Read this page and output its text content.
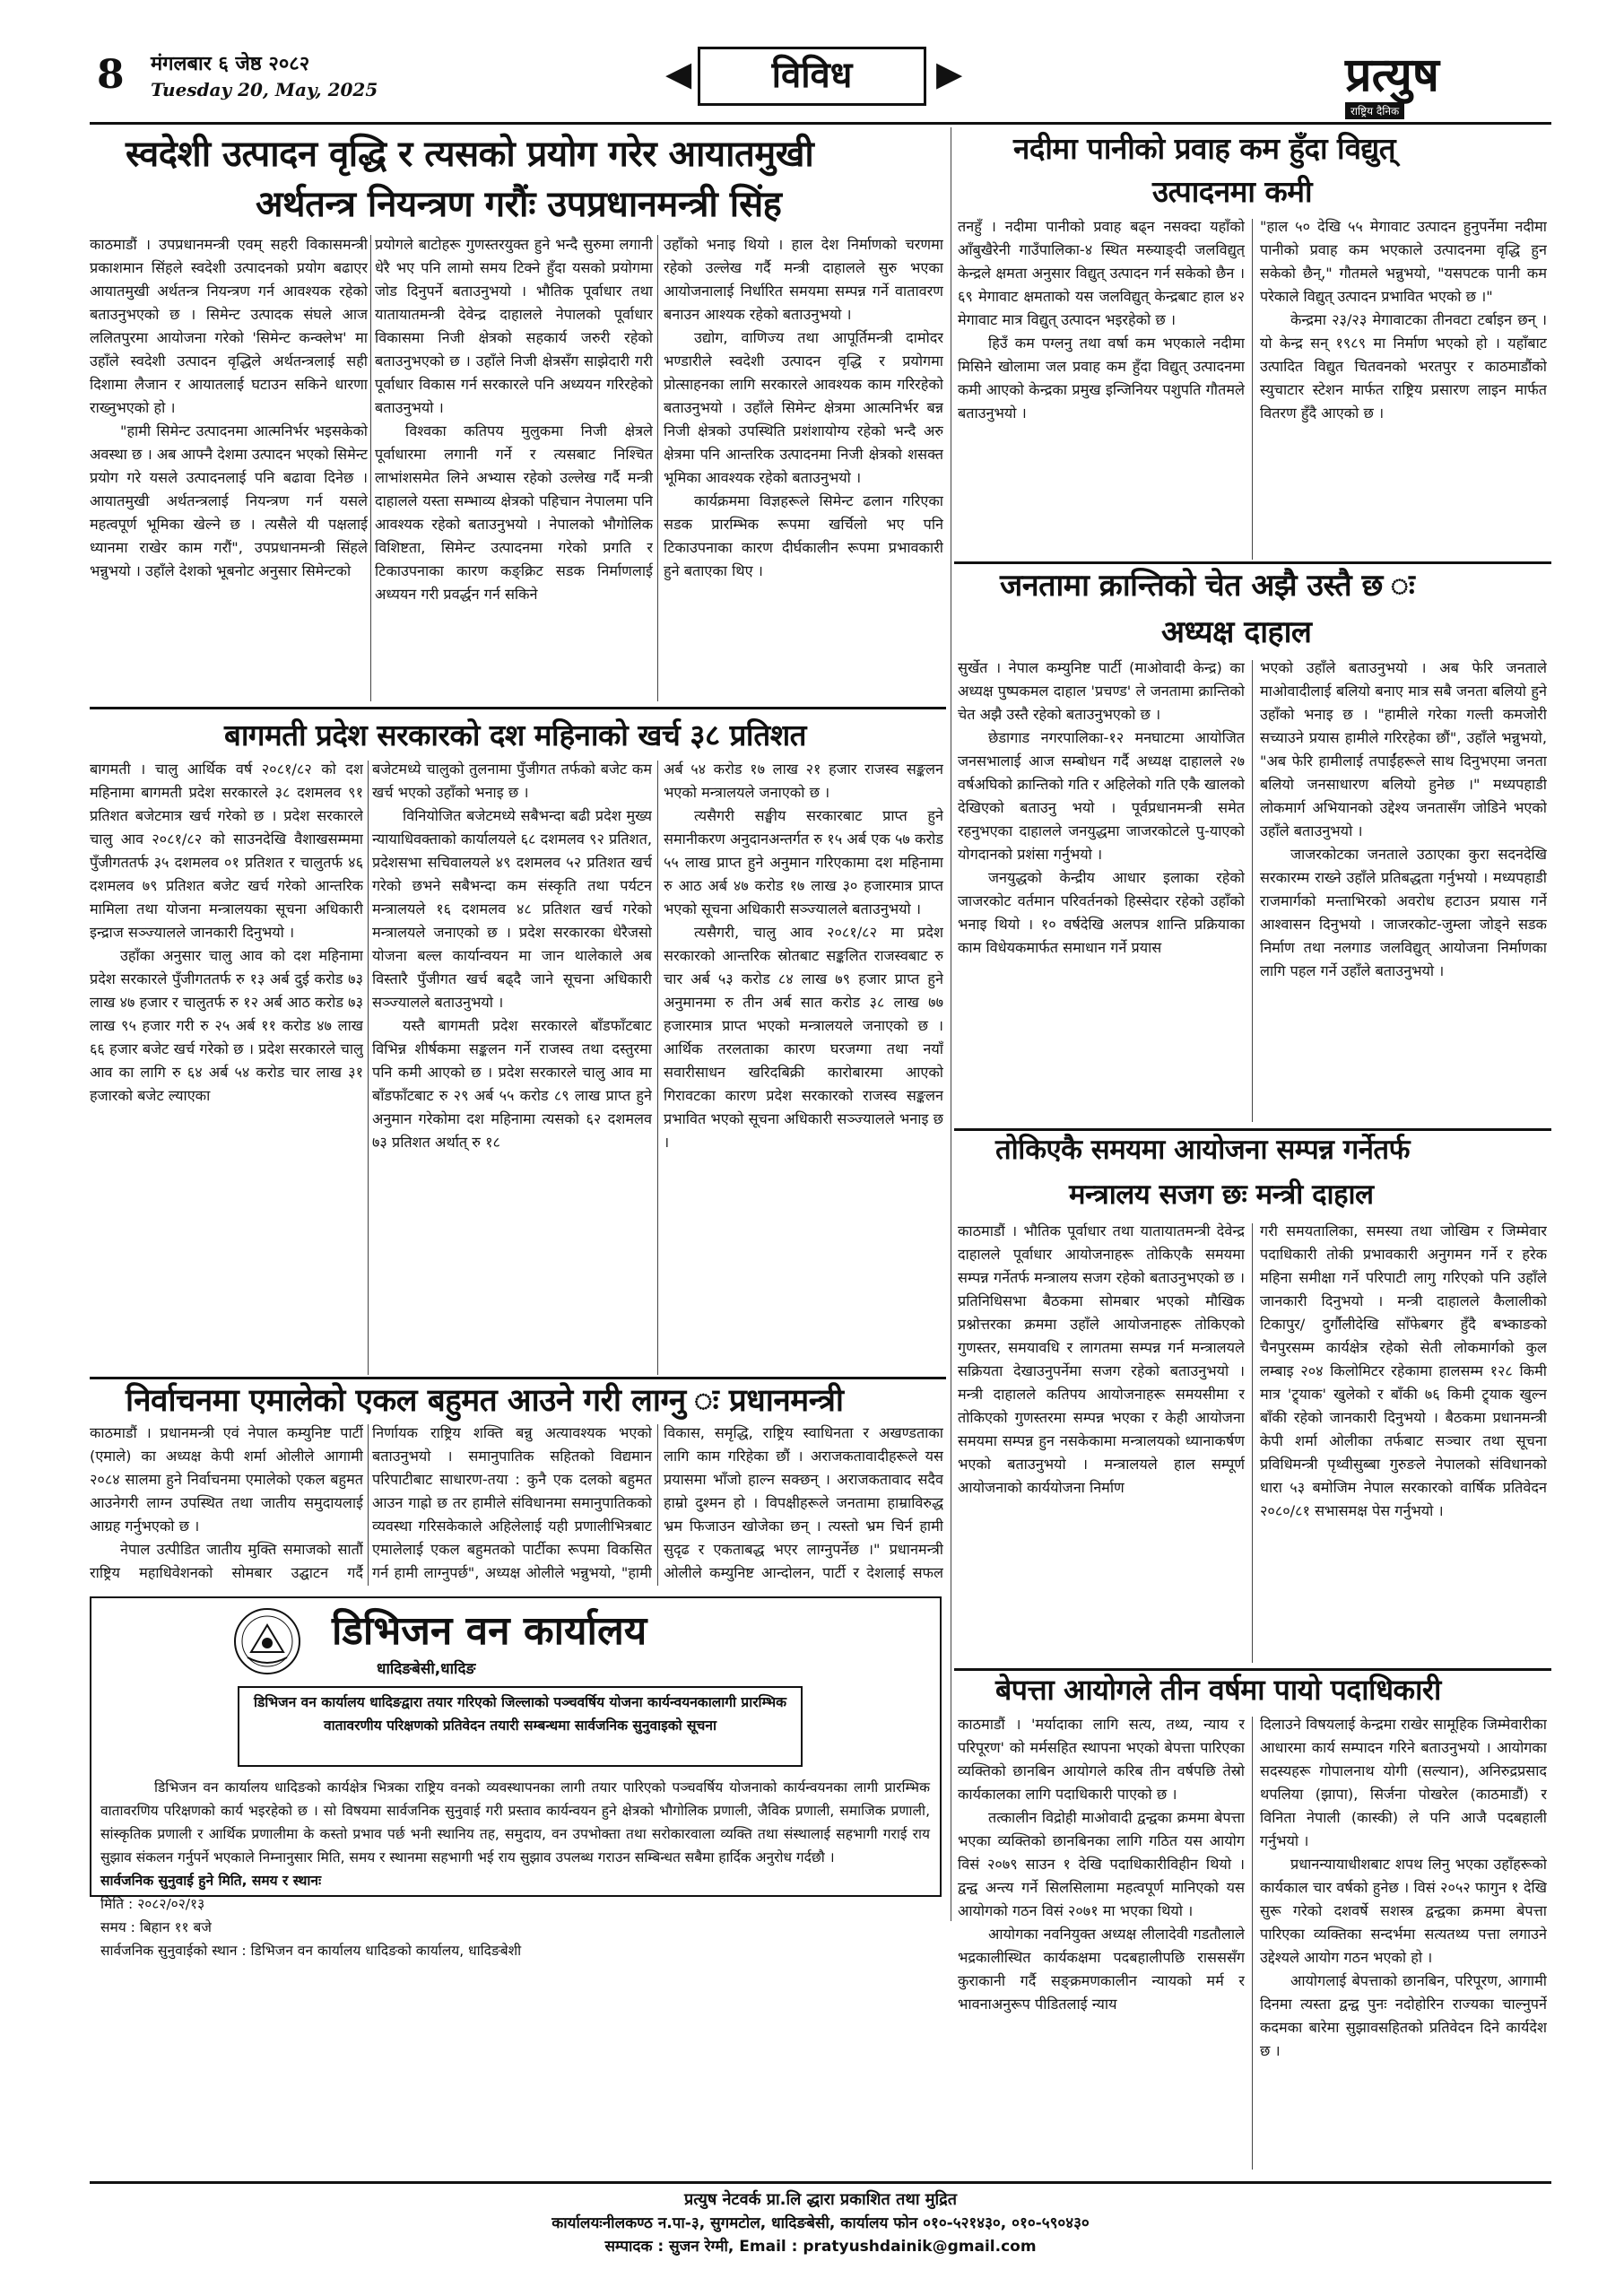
8 मंगलबार ६ जेष्ठ २०८२
Tuesday 20, May, 2025	◀	विविध	▶	प्रत्युष
राष्ट्रिय दैनिक
स्वदेशी उत्पादन वृद्धि र त्यसको प्रयोग गरेर आयातमुखी
अर्थतन्त्र नियन्त्रण गरौंः उपप्रधानमन्त्री सिंह

काठमाडौं । उपप्रधानमन्त्री एवम् सहरी विकासमन्त्री प्रकाशमान सिंहले स्वदेशी उत्पादनको प्रयोग बढाएर आयातमुखी अर्थतन्त्र नियन्त्रण गर्न आवश्यक रहेको बताउनुभएको छ । सिमेन्ट उत्पादक संघले आज ललितपुरमा आयोजना गरेको 'सिमेन्ट कन्क्लेभ' मा उहाँले स्वदेशी उत्पादन वृद्धिले अर्थतन्त्रलाई सही दिशामा लैजान र आयातलाई घटाउन सकिने धारणा राख्नुभएको हो ।

"हामी सिमेन्ट उत्पादनमा आत्मनिर्भर भइसकेको अवस्था छ । अब आफ्नै देशमा उत्पादन भएको सिमेन्ट प्रयोग गरे यसले उत्पादनलाई पनि बढावा दिनेछ । आयातमुखी अर्थतन्त्रलाई नियन्त्रण गर्न यसले महत्वपूर्ण भूमिका खेल्ने छ । त्यसैले यी पक्षलाई ध्यानमा राखेर काम गरौं", उपप्रधानमन्त्री सिंहले भन्नुभयो । उहाँले देशको भूबनोट अनुसार सिमेन्टको

प्रयोगले बाटोहरू गुणस्तरयुक्त हुने भन्दै सुरुमा लगानी धेरै भए पनि लामो समय टिक्ने हुँदा यसको प्रयोगमा जोड दिनुपर्ने बताउनुभयो । भौतिक पूर्वाधार तथा यातायातमन्त्री देवेन्द्र दाहालले नेपालको पूर्वाधार विकासमा निजी क्षेत्रको सहकार्य जरुरी रहेको बताउनुभएको छ । उहाँले निजी क्षेत्रसँग साझेदारी गरी पूर्वाधार विकास गर्न सरकारले पनि अध्ययन गरिरहेको बताउनुभयो ।

विश्वका कतिपय मुलुकमा निजी क्षेत्रले पूर्वाधारमा लगानी गर्ने र त्यसबाट निश्चित लाभांशसमेत लिने अभ्यास रहेको उल्लेख गर्दै मन्त्री दाहालले यस्ता सम्भाव्य क्षेत्रको पहिचान नेपालमा पनि आवश्यक रहेको बताउनुभयो । नेपालको भौगोलिक विशिष्टता, सिमेन्ट उत्पादनमा गरेको प्रगति र टिकाउपनाका कारण कङ्क्रिट सडक निर्माणलाई अध्ययन गरी प्रवर्द्धन गर्न सकिने

उहाँको भनाइ थियो । हाल देश निर्माणको चरणमा रहेको उल्लेख गर्दै मन्त्री दाहालले सुरु भएका आयोजनालाई निर्धारित समयमा सम्पन्न गर्ने वातावरण बनाउन आश्यक रहेको बताउनुभयो ।

उद्योग, वाणिज्य तथा आपूर्तिमन्त्री दामोदर भण्डारीले स्वदेशी उत्पादन वृद्धि र प्रयोगमा प्रोत्साहनका लागि सरकारले आवश्यक काम गरिरहेको बताउनुभयो । उहाँले सिमेन्ट क्षेत्रमा आत्मनिर्भर बन्न निजी क्षेत्रको उपस्थिति प्रशंशायोग्य रहेको भन्दै अरु क्षेत्रमा पनि आन्तरिक उत्पादनमा निजी क्षेत्रको शसक्त भूमिका आवश्यक रहेको बताउनुभयो ।

कार्यक्रममा विज्ञहरूले सिमेन्ट ढलान गरिएका सडक प्रारम्भिक रूपमा खर्चिलो भए पनि टिकाउपनाका कारण दीर्घकालीन रूपमा प्रभावकारी हुने बताएका थिए ।

बागमती प्रदेश सरकारको दश महिनाको खर्च ३८ प्रतिशत

बागमती । चालु आर्थिक वर्ष २०८१/८२ को दश महिनामा बागमती प्रदेश सरकारले ३८ दशमलव ९१ प्रतिशत बजेटमात्र खर्च गरेको छ । प्रदेश सरकारले चालु आव २०८१/८२ को साउनदेखि वैशाखसम्ममा पुँजीगततर्फ ३५ दशमलव ०१ प्रतिशत र चालुतर्फ ४६ दशमलव ७९ प्रतिशत बजेट खर्च गरेको आन्तरिक मामिला तथा योजना मन्त्रालयका सूचना अधिकारी इन्द्राज सञ्ज्यालले जानकारी दिनुभयो ।

उहाँका अनुसार चालु आव को दश महिनामा प्रदेश सरकारले पुँजीगततर्फ रु १३ अर्ब दुई करोड ७३ लाख ४७ हजार र चालुतर्फ रु १२ अर्ब आठ करोड ७३ लाख ९५ हजार गरी रु २५ अर्ब ११ करोड ४७ लाख ६६ हजार बजेट खर्च गरेको छ । प्रदेश सरकारले चालु आव का लागि रु ६४ अर्ब ५४ करोड चार लाख ३१ हजारको बजेट ल्याएका

बजेटमध्ये चालुको तुलनामा पुँजीगत तर्फको बजेट कम खर्च भएको उहाँको भनाइ छ ।

विनियोजित बजेटमध्ये सबैभन्दा बढी प्रदेश मुख्य न्यायाधिवक्ताको कार्यालयले ६८ दशमलव ९२ प्रतिशत, प्रदेशसभा सचिवालयले ४९ दशमलव ५२ प्रतिशत खर्च गरेको छभने सबैभन्दा कम संस्कृति तथा पर्यटन मन्त्रालयले १६ दशमलव ४८ प्रतिशत खर्च गरेको मन्त्रालयले जनाएको छ । प्रदेश सरकारका धेरैजसो योजना बल्ल कार्यान्वयन मा जान थालेकाले अब विस्तारै पुँजीगत खर्च बढ्दै जाने सूचना अधिकारी सञ्ज्यालले बताउनुभयो ।

यस्तै बागमती प्रदेश सरकारले बाँडफाँटबाट विभिन्न शीर्षकमा सङ्कलन गर्ने राजस्व तथा दस्तुरमा पनि कमी आएको छ । प्रदेश सरकारले चालु आव मा बाँडफाँटबाट रु २९ अर्ब ५५ करोड ८९ लाख प्राप्त हुने अनुमान गरेकोमा दश महिनामा त्यसको ६२ दशमलव ७३ प्रतिशत अर्थात् रु १८

अर्ब ५४ करोड १७ लाख २१ हजार राजस्व सङ्कलन भएको मन्त्रालयले जनाएको छ ।

त्यसैगरी सङ्घीय सरकारबाट प्राप्त हुने समानीकरण अनुदानअन्तर्गत रु १५ अर्ब एक ५७ करोड ५५ लाख प्राप्त हुने अनुमान गरिएकामा दश महिनामा रु आठ अर्ब ४७ करोड १७ लाख ३० हजारमात्र प्राप्त भएको सूचना अधिकारी सञ्ज्यालले बताउनुभयो ।

त्यसैगरी, चालु आव २०८१/८२ मा प्रदेश सरकारको आन्तरिक स्रोतबाट सङ्कलित राजस्वबाट रु चार अर्ब ५३ करोड ८४ लाख ७९ हजार प्राप्त हुने अनुमानमा रु तीन अर्ब सात करोड ३८ लाख ७७ हजारमात्र प्राप्त भएको मन्त्रालयले जनाएको छ । आर्थिक तरलताका कारण घरजग्गा तथा नयाँ सवारीसाधन खरिदबिक्री कारोबारमा आएको गिरावटका कारण प्रदेश सरकारको राजस्व सङ्कलन प्रभावित भएको सूचना अधिकारी सञ्ज्यालले भनाइ छ ।

निर्वाचनमा एमालेको एकल बहुमत आउने गरी लाग्नु ः प्रधानमन्त्री

काठमाडौं । प्रधानमन्त्री एवं नेपाल कम्युनिष्ट पार्टी (एमाले) का अध्यक्ष केपी शर्मा ओलीले आगामी २०८४ सालमा हुने निर्वाचनमा एमालेको एकल बहुमत आउनेगरी लाग्न उपस्थित तथा जातीय समुदायलाई आग्रह गर्नुभएको छ ।

नेपाल उत्पीडित जातीय मुक्ति समाजको सातौं राष्ट्रिय महाधिवेशनको सोमबार उद्घाटन गर्दै

निर्णायक राष्ट्रिय शक्ति बन्नु अत्यावश्यक भएको बताउनुभयो । समानुपातिक सहितको विद्यमान परिपाटीबाट साधारण-तया : कुनै एक दलको बहुमत आउन गाह्रो छ तर हामीले संविधानमा समानुपातिकको व्यवस्था गरिसकेकाले अहिलेलाई यही प्रणालीभित्रबाट एमालेलाई एकल बहुमतको पार्टीका रूपमा विकसित गर्न हामी लाग्नुपर्छ", अध्यक्ष ओलीले भन्नुभयो, "हामी

विकास, समृद्धि, राष्ट्रिय स्वाधिनता र अखण्डताका लागि काम गरिहेका छौं । अराजकतावादीहरूले यस प्रयासमा भाँजो हाल्न सक्छन् । अराजकतावाद सदैव हाम्रो दुश्मन हो । विपक्षीहरूले जनतामा हाम्राविरुद्ध भ्रम फिजाउन खोजेका छन् । त्यस्तो भ्रम चिर्न हामी सुदृढ र एकताबद्ध भएर लाग्नुपर्नेछ ।" प्रधानमन्त्री ओलीले कम्युनिष्ट आन्दोलन, पार्टी र देशलाई सफल

डिभिजन वन कार्यालय
धादिङबेसी,धादिङ
डिभिजन वन कार्यालय धादिङद्वारा तयार गरिएको जिल्लाको पञ्चवर्षिय योजना कार्यन्वयनकालागी प्रारम्भिक वातावरणीय परिक्षणको प्रतिवेदन तयारी सम्बन्धमा सार्वजनिक सुनुवाइको सूचना

डिभिजन वन कार्यालय धादिङको कार्यक्षेत्र भित्रका राष्ट्रिय वनको व्यवस्थापनका लागी तयार पारिएको पञ्चवर्षिय योजनाको कार्यन्वयनका लागी प्रारम्भिक वातावरणिय परिक्षणको कार्य भइरहेको छ । सो विषयमा सार्वजनिक सुनुवाई गरी प्रस्ताव कार्यन्वयन हुने क्षेत्रको भौगोलिक प्रणाली, जैविक प्रणाली, समाजिक प्रणाली, सांस्कृतिक प्रणाली र आर्थिक प्रणालीमा के कस्तो प्रभाव पर्छ भनी स्थानिय तह, समुदाय, वन उपभोक्ता तथा सरोकारवाला व्यक्ति तथा संस्थालाई सहभागी गराई राय सुझाव संकलन गर्नुपर्ने भएकाले निम्नानुसार मिति, समय र स्थानमा सहभागी भई राय सुझाव उपलब्ध गराउन सम्बिन्धत सबैमा हार्दिक अनुरोध गर्दछौ ।

सार्वजनिक सुनुवाई हुने मिति, समय र स्थानः

मिति : २०८२/०२/१३

समय : बिहान ११ बजे

सार्वजनिक सुनुवाईको स्थान : डिभिजन वन कार्यालय धादिङको कार्यालय, धादिङबेशी

नदीमा पानीको प्रवाह कम हुँदा विद्युत्
उत्पादनमा कमी

तनहुँ । नदीमा पानीको प्रवाह बढ्न नसक्दा यहाँको आँबुखैरेनी गाउँपालिका-४ स्थित मस्र्याङ्दी जलविद्युत् केन्द्रले क्षमता अनुसार विद्युत् उत्पादन गर्न सकेको छैन । ६९ मेगावाट क्षमताको यस जलविद्युत् केन्द्रबाट हाल ४२ मेगावाट मात्र विद्युत् उत्पादन भइरहेको छ ।

हिउँ कम पग्लनु तथा वर्षा कम भएकाले नदीमा मिसिने खोलामा जल प्रवाह कम हुँदा विद्युत् उत्पादनमा कमी आएको केन्द्रका प्रमुख इन्जिनियर पशुपति गौतमले बताउनुभयो ।

"हाल ५० देखि ५५ मेगावाट उत्पादन हुनुपर्नेमा नदीमा पानीको प्रवाह कम भएकाले उत्पादनमा वृद्धि हुन सकेको छैन्," गौतमले भन्नुभयो, "यसपटक पानी कम परेकाले विद्युत् उत्पादन प्रभावित भएको छ ।"

केन्द्रमा २३/२३ मेगावाटका तीनवटा टर्बाइन छन् । यो केन्द्र सन् १९८९ मा निर्माण भएको हो । यहाँबाट उत्पादित विद्युत चितवनको भरतपुर र काठमाडौंको स्युचाटार स्टेशन मार्फत राष्ट्रिय प्रसारण लाइन मार्फत वितरण हुँदै आएको छ ।

जनतामा क्रान्तिको चेत अझै उस्तै छ ः
अध्यक्ष दाहाल

सुर्खेत । नेपाल कम्युनिष्ट पार्टी (माओवादी केन्द्र) का अध्यक्ष पुष्पकमल दाहाल 'प्रचण्ड' ले जनतामा क्रान्तिको चेत अझै उस्तै रहेको बताउनुभएको छ ।

छेडागाड नगरपालिका-१२ मनघाटमा आयोजित जनसभालाई आज सम्बोधन गर्दै अध्यक्ष दाहालले २७ वर्षअघिको क्रान्तिको गति र अहिलेको गति एकै खालको देखिएको बताउनु भयो । पूर्वप्रधानमन्त्री समेत रहनुभएका दाहालले जनयुद्धमा जाजरकोटले पु-याएको योगदानको प्रशंसा गर्नुभयो ।

जनयुद्धको केन्द्रीय आधार इलाका रहेको जाजरकोट वर्तमान परिवर्तनको हिस्सेदार रहेको उहाँको भनाइ थियो । १० वर्षदेखि अलपत्र शान्ति प्रक्रियाका काम विधेयकमार्फत समाधान गर्ने प्रयास

भएको उहाँले बताउनुभयो । अब फेरि जनताले माओवादीलाई बलियो बनाए मात्र सबै जनता बलियो हुने उहाँको भनाइ छ । "हामीले गरेका गल्ती कमजोरी सच्याउने प्रयास हामीले गरिरहेका छौं", उहाँले भन्नुभयो, "अब फेरि हामीलाई तपाईंहरूले साथ दिनुभएमा जनता बलियो जनसाधारण बलियो हुनेछ ।" मध्यपहाडी लोकमार्ग अभियानको उद्देश्य जनतासँग जोडिने भएको उहाँले बताउनुभयो ।

जाजरकोटका जनताले उठाएका कुरा सदनदेखि सरकारम्म राख्ने उहाँले प्रतिबद्धता गर्नुभयो । मध्यपहाडी राजमार्गको मन्ताभिरको अवरोध हटाउन प्रयास गर्ने आश्वासन दिनुभयो । जाजरकोट-जुम्ला जोड्ने सडक निर्माण तथा नलगाड जलविद्युत् आयोजना निर्माणका लागि पहल गर्ने उहाँले बताउनुभयो ।

तोकिएकै समयमा आयोजना सम्पन्न गर्नेतर्फ
मन्त्रालय सजग छः मन्त्री दाहाल

काठमाडौं । भौतिक पूर्वाधार तथा यातायातमन्त्री देवेन्द्र दाहालले पूर्वाधार आयोजनाहरू तोकिएकै समयमा सम्पन्न गर्नेतर्फ मन्त्रालय सजग रहेको बताउनुभएको छ । प्रतिनिधिसभा बैठकमा सोमबार भएको मौखिक प्रश्नोत्तरका क्रममा उहाँले आयोजनाहरू तोकिएको गुणस्तर, समयावधि र लागतमा सम्पन्न गर्न मन्त्रालयले सक्रियता देखाउनुपर्नेमा सजग रहेको बताउनुभयो । मन्त्री दाहालले कतिपय आयोजनाहरू समयसीमा र तोकिएको गुणस्तरमा सम्पन्न भएका र केही आयोजना समयमा सम्पन्न हुन नसकेकामा मन्त्रालयको ध्यानाकर्षण भएको बताउनुभयो । मन्त्रालयले हाल सम्पूर्ण आयोजनाको कार्ययोजना निर्माण

गरी समयतालिका, समस्या तथा जोखिम र जिम्मेवार पदाधिकारी तोकी प्रभावकारी अनुगमन गर्ने र हरेक महिना समीक्षा गर्ने परिपाटी लागु गरिएको पनि उहाँले जानकारी दिनुभयो । मन्त्री दाहालले कैलालीको टिकापुर/ दुर्गौलीदेखि साँफेबगर हुँदै बभ्काङको चैनपुरसम्म कार्यक्षेत्र रहेको सेती लोकमार्गको कुल लम्बाइ २०४ किलोमिटर रहेकामा हालसम्म १२८ किमी मात्र 'ट्र्याक' खुलेको र बाँकी ७६ किमी ट्र्याक खुल्न बाँकी रहेको जानकारी दिनुभयो । बैठकमा प्रधानमन्त्री केपी शर्मा ओलीका तर्फबाट सञ्चार तथा सूचना प्रविधिमन्त्री पृथ्वीसुब्बा गुरुङले नेपालको संविधानको धारा ५३ बमोजिम नेपाल सरकारको वार्षिक प्रतिवेदन २०८०/८१ सभासमक्ष पेस गर्नुभयो ।

बेपत्ता आयोगले तीन वर्षमा पायो पदाधिकारी

काठमाडौं । 'मर्यादाका लागि सत्य, तथ्य, न्याय र परिपूरण' को मर्मसहित स्थापना भएको बेपत्ता पारिएका व्यक्तिको छानबिन आयोगले करिब तीन वर्षपछि तेस्रो कार्यकालका लागि पदाधिकारी पाएको छ ।

तत्कालीन विद्रोही माओवादी द्वन्द्वका क्रममा बेपत्ता भएका व्यक्तिको छानबिनका लागि गठित यस आयोग विसं २०७९ साउन १ देखि पदाधिकारीविहीन थियो । द्वन्द्व अन्त्य गर्ने सिलसिलामा महत्वपूर्ण मानिएको यस आयोगको गठन विसं २०७१ मा भएका थियो ।

आयोगका नवनियुक्त अध्यक्ष लीलादेवी गडतौलाले भद्रकालीस्थित कार्यकक्षमा पदबहालीपछि रासससँग कुराकानी गर्दै सङ्क्रमणकालीन न्यायको मर्म र भावनाअनुरूप पीडितलाई न्याय

दिलाउने विषयलाई केन्द्रमा राखेर सामूहिक जिम्मेवारीका आधारमा कार्य सम्पादन गरिने बताउनुभयो । आयोगका सदस्यहरू गोपालनाथ योगी (सल्यान), अनिरुद्रप्रसाद थपलिया (झापा), सिर्जना पोखरेल (काठमाडौं) र विनिता नेपाली (कास्की) ले पनि आजै पदबहाली गर्नुभयो ।

प्रधानन्यायाधीशबाट शपथ लिनु भएका उहाँहरूको कार्यकाल चार वर्षको हुनेछ । विसं २०५२ फागुन १ देखि सुरू गरेको दशवर्षे सशस्त्र द्वन्द्वका क्रममा बेपत्ता पारिएका व्यक्तिका सन्दर्भमा सत्यतथ्य पत्ता लगाउने उद्देश्यले आयोग गठन भएको हो ।

आयोगलाई बेपत्ताको छानबिन, परिपूरण, आगामी दिनमा त्यस्ता द्वन्द्व पुनः नदोहोरिन राज्यका चाल्नुपर्ने कदमका बारेमा सुझावसहितको प्रतिवेदन दिने कार्यदेश छ ।

प्रत्युष नेटवर्क प्रा.लि द्धारा प्रकाशित तथा मुद्रित
कार्यालयःनीलकण्ठ न.पा-३, सुगमटोल, धादिङबेसी, कार्यालय फोन ०१०-५२१४३०, ०१०-५९०४३०
सम्पादक : सुजन रेग्मी, Email : pratyushdainik@gmail.com
